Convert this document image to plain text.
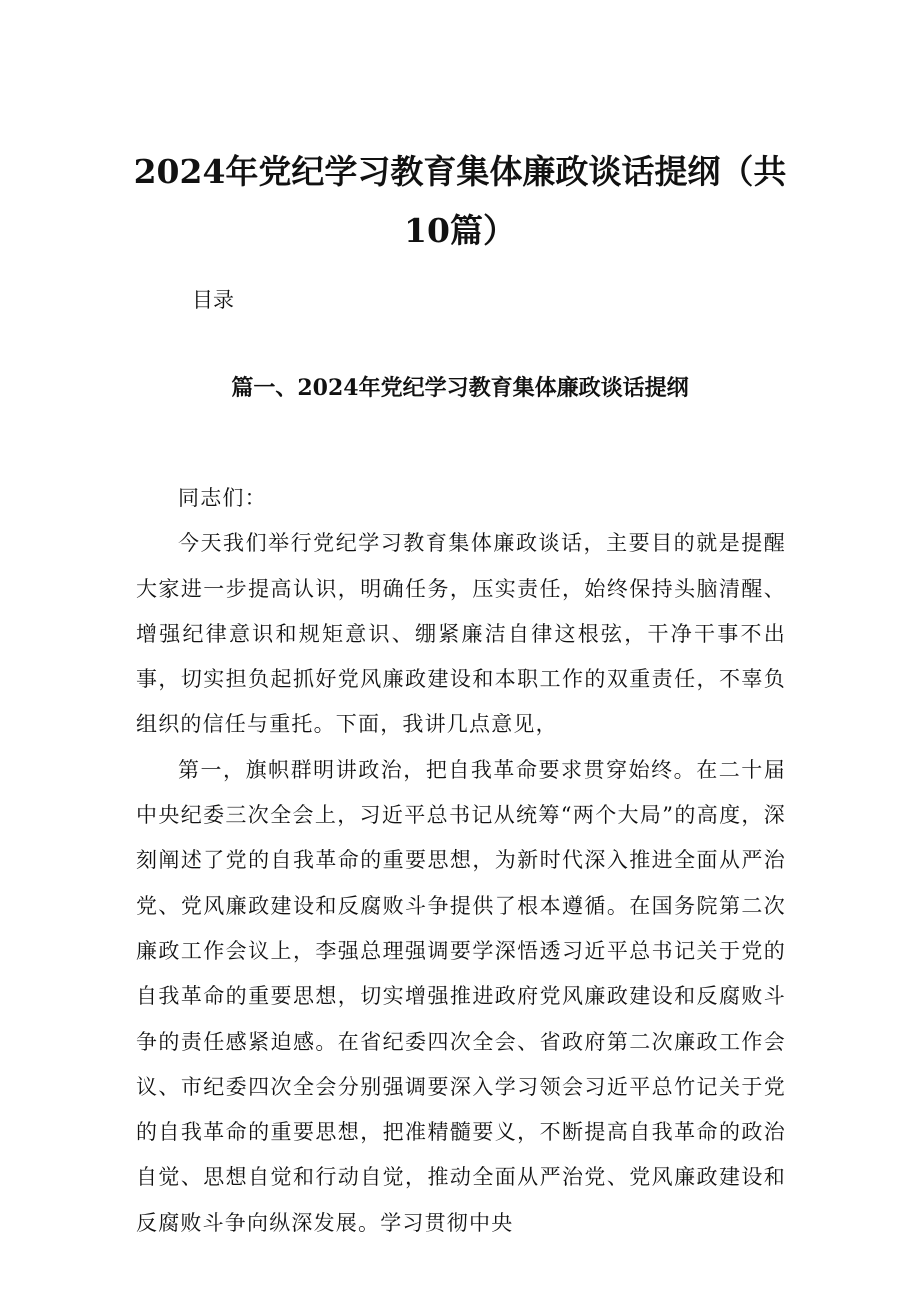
2024年党纪学习教育集体廉政谈话提纲（共
10篇）

目录

篇一、2024年党纪学习教育集体廉政谈话提纲

同志们：

今天我们举行党纪学习教育集体廉政谈话，主要目的就是提醒大家进一步提高认识，明确任务，压实责任，始终保持头脑清醒、增强纪律意识和规矩意识、绷紧廉洁自律这根弦，干净干事不出事，切实担负起抓好党风廉政建设和本职工作的双重责任，不辜负组织的信任与重托。下面，我讲几点意见，

第一，旗帜群明讲政治，把自我革命要求贯穿始终。在二十届中央纪委三次全会上，习近平总书记从统筹“两个大局”的高度，深刻阐述了党的自我革命的重要思想，为新时代深入推进全面从严治党、党风廉政建设和反腐败斗争提供了根本遵循。在国务院第二次廉政工作会议上，李强总理强调要学深悟透习近平总书记关于党的自我革命的重要思想，切实增强推进政府党风廉政建设和反腐败斗争的责任感紧迫感。在省纪委四次全会、省政府第二次廉政工作会议、市纪委四次全会分别强调要深入学习领会习近平总竹记关于党的自我革命的重要思想，把准精髓要义，不断提高自我革命的政治自觉、思想自觉和行动自觉，推动全面从严治党、党风廉政建设和反腐败斗争向纵深发展。学习贯彻中央
